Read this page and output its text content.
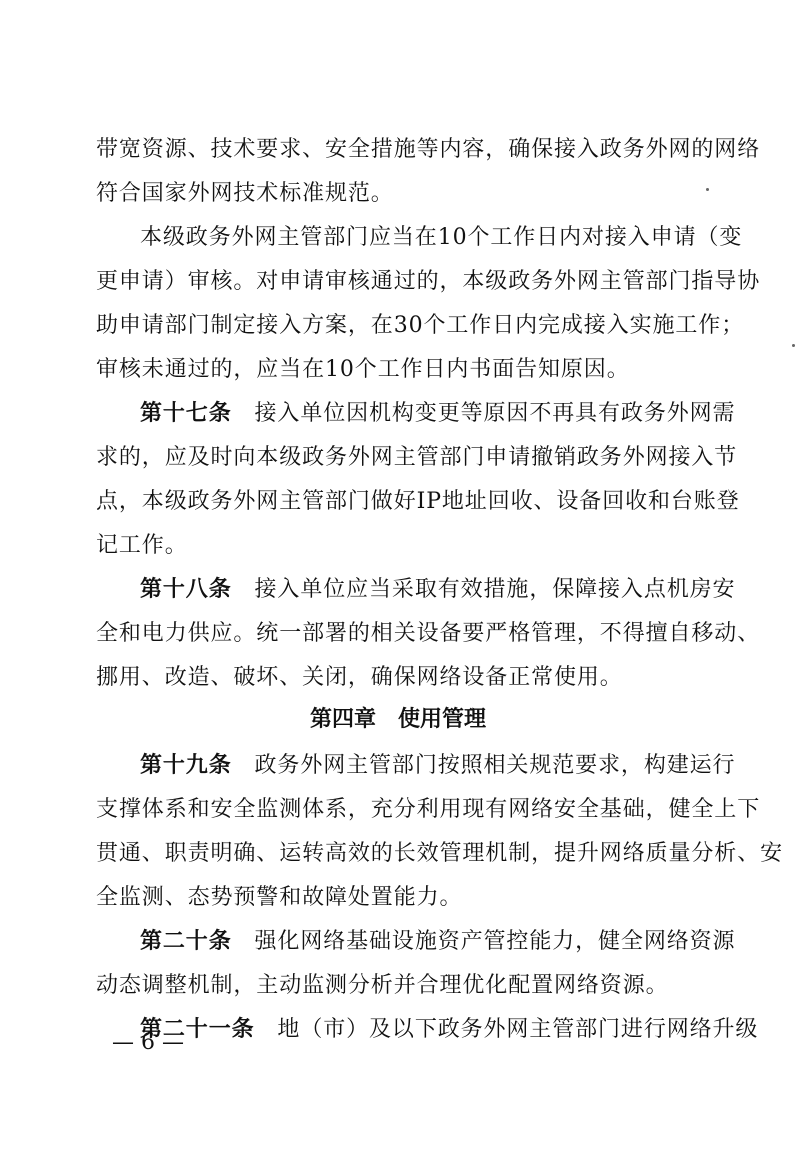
带宽资源、技术要求、安全措施等内容，确保接入政务外网的网络
符合国家外网技术标准规范。
本级政务外网主管部门应当在10个工作日内对接入申请（变
更申请）审核。对申请审核通过的，本级政务外网主管部门指导协
助申请部门制定接入方案，在30个工作日内完成接入实施工作；
审核未通过的，应当在10个工作日内书面告知原因。
第十七条　 接入单位因机构变更等原因不再具有政务外网需
求的，应及时向本级政务外网主管部门申请撤销政务外网接入节
点，本级政务外网主管部门做好IP地址回收、设备回收和台账登
记工作。
第十八条　 接入单位应当采取有效措施，保障接入点机房安
全和电力供应。统一部署的相关设备要严格管理，不得擅自移动、
挪用、改造、破坏、关闭，确保网络设备正常使用。
第四章　使用管理
第十九条　 政务外网主管部门按照相关规范要求，构建运行
支撑体系和安全监测体系，充分利用现有网络安全基础，健全上下
贯通、职责明确、运转高效的长效管理机制，提升网络质量分析、安
全监测、态势预警和故障处置能力。
第二十条　 强化网络基础设施资产管控能力，健全网络资源
动态调整机制，主动监测分析并合理优化配置网络资源。
第二十一条　 地（市）及以下政务外网主管部门进行网络升级
— 6 —
